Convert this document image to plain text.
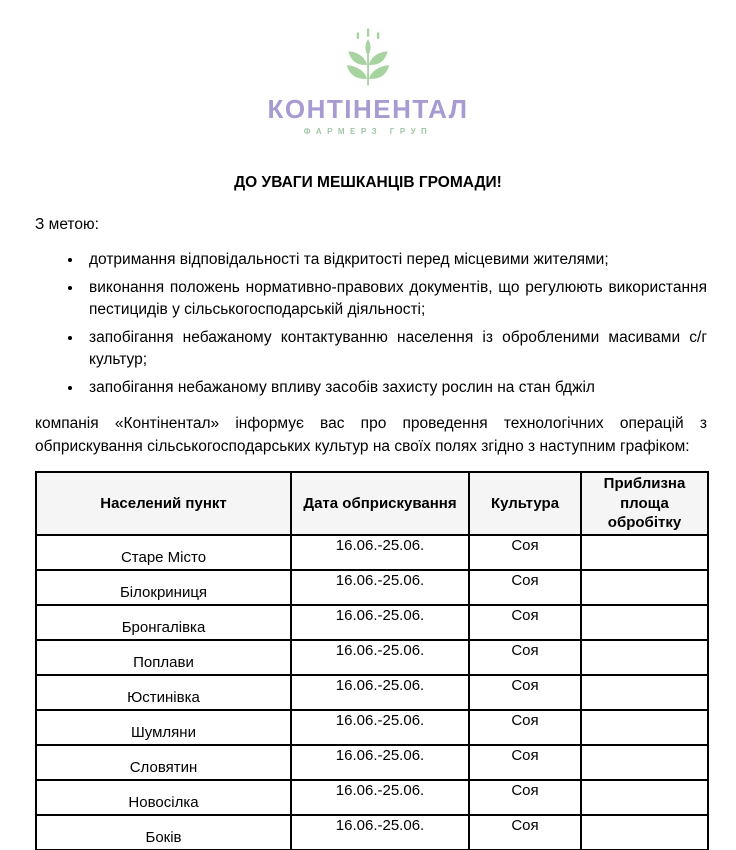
КОНТІНЕНТАЛ
ФАРМЕРЗ ГРУП
ДО УВАГИ МЕШКАНЦІВ ГРОМАДИ!

З метою:

• дотримання відповідальності та відкритості перед місцевими жителями;
• виконання положень нормативно-правових документів, що регулюють використання пестицидів у сільськогосподарській діяльності;
• запобігання небажаному контактуванню населення із обробленими масивами с/г культур;
• запобігання небажаному впливу засобів захисту рослин на стан бджіл

компанія «Контінентал» інформує вас про проведення технологічних операцій з обприскування сільськогосподарських культур на своїх полях згідно з наступним графіком:

Населений пункт	Дата обприскування	Культура	Приблизна площа обробітку
Старе Місто	16.06.-25.06.	Соя	
Білокриниця	16.06.-25.06.	Соя	
Бронгалівка	16.06.-25.06.	Соя	
Поплави	16.06.-25.06.	Соя	
Юстинівка	16.06.-25.06.	Соя	
Шумляни	16.06.-25.06.	Соя	
Словятин	16.06.-25.06.	Соя	
Новосілка	16.06.-25.06.	Соя	
Боків	16.06.-25.06.	Соя	
